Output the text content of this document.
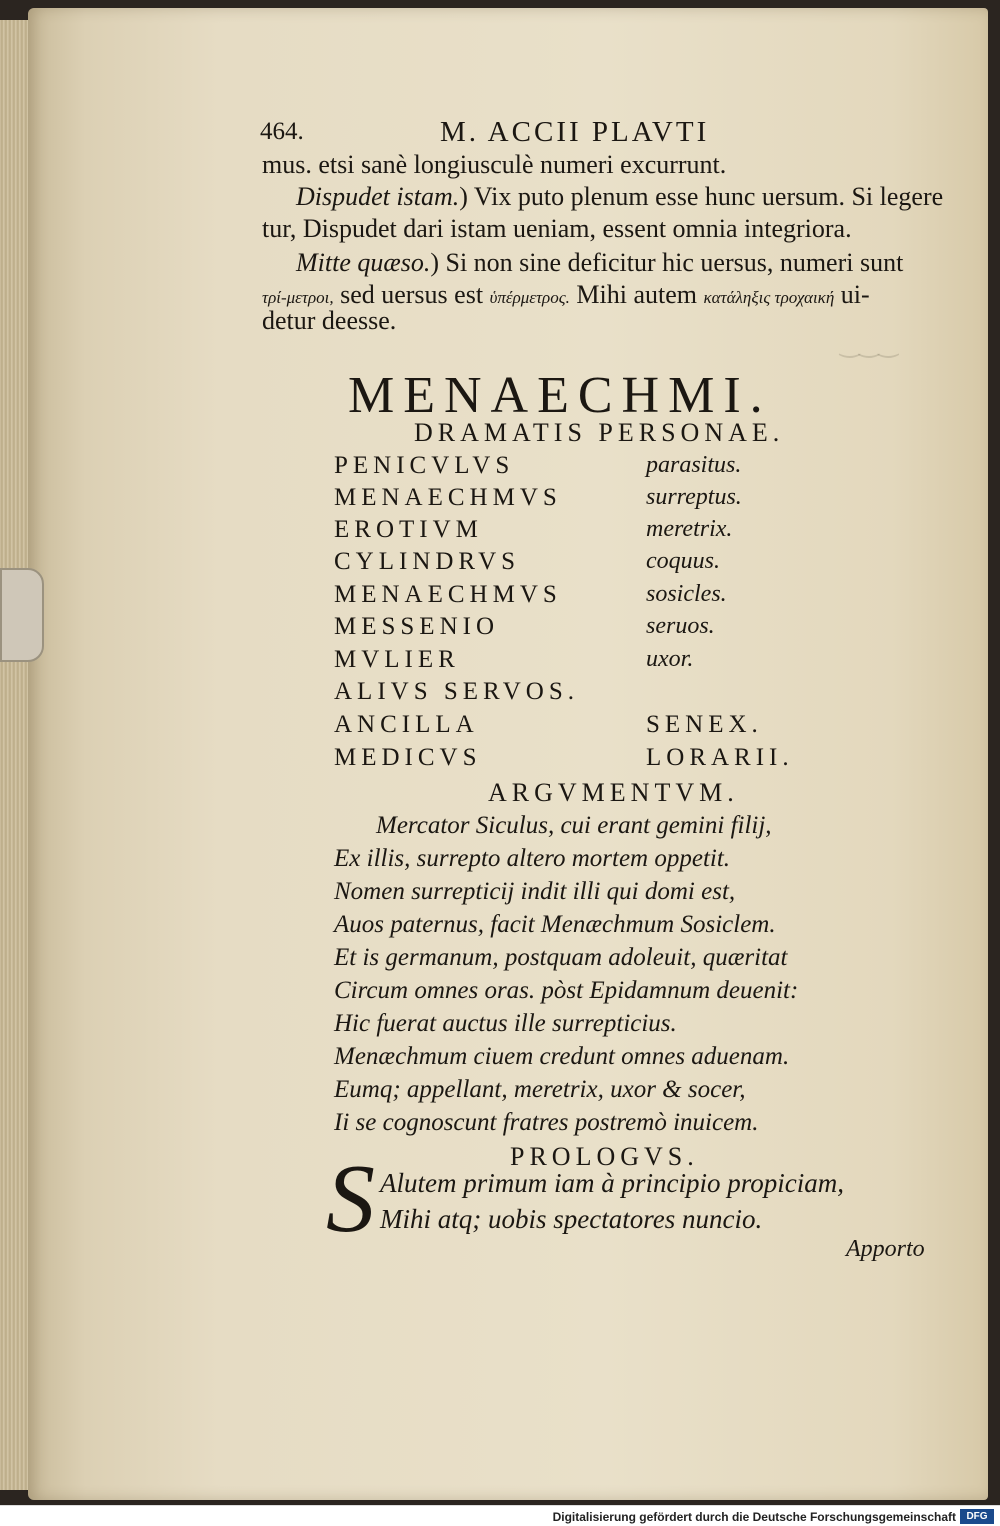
‿‿‿
464.	M. ACCII PLAVTI
mus. etsi sanè longiusculè numeri excurrunt.
Dispudet istam.) Vix puto plenum esse hunc uersum. Si legere
tur, Dispudet dari istam ueniam, essent omnia integriora.
Mitte quæso.) Si non sine deficitur hic uersus, numeri sunt
τρί-μετροι, sed uersus est ὑπέρμετρος. Mihi autem κατάληξις τροχαική ui-
detur deesse.
MENAECHMI.
DRAMATIS PERSONAE.
PENICVLVS	parasitus.
MENAECHMVS	surreptus.
EROTIVM	meretrix.
CYLINDRVS	coquus.
MENAECHMVS	sosicles.
MESSENIO	seruos.
MVLIER	uxor.
ALIVS SERVOS.
ANCILLA	SENEX.
MEDICVS	LORARII.
ARGVMENTVM.
Mercator Siculus, cui erant gemini filij,
Ex illis, surrepto altero mortem oppetit.
Nomen surrepticij indit illi qui domi est,
Auos paternus, facit Menæchmum Sosiclem.
Et is germanum, postquam adoleuit, quæritat
Circum omnes oras. pòst Epidamnum deuenit:
Hic fuerat auctus ille surrepticius.
Menæchmum ciuem credunt omnes aduenam.
Eumq; appellant, meretrix, uxor & socer,
Ii se cognoscunt fratres postremò inuicem.
PROLOGVS.
S Alutem primum iam à principio propiciam,
Mihi atq; uobis spectatores nuncio.
Apporto
Digitalisierung gefördert durch die Deutsche Forschungsgemeinschaft	DFG
